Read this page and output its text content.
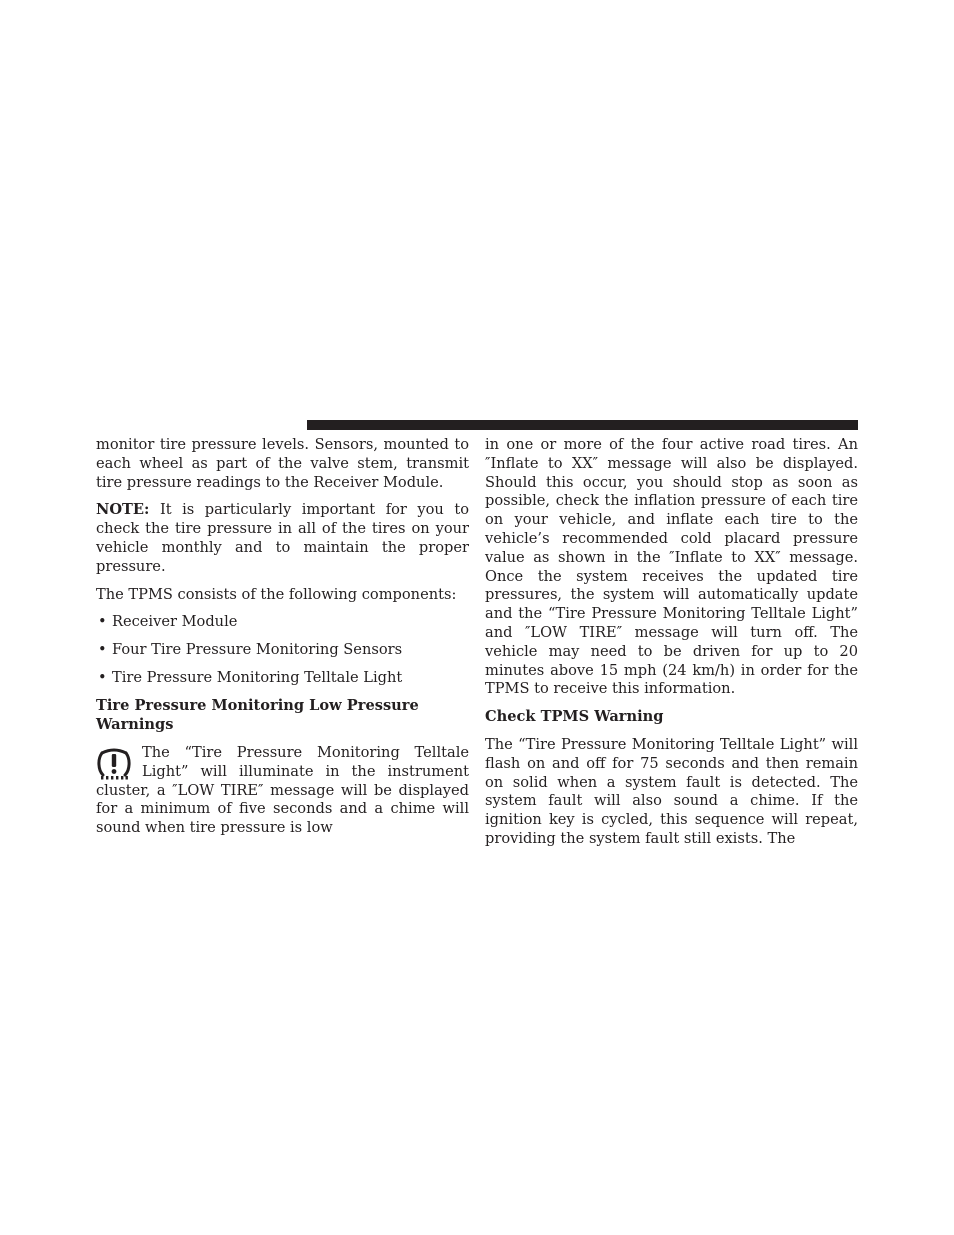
monitor tire pressure levels. Sensors, mounted to each wheel as part of the valve stem, transmit tire pressure readings to the Receiver Module.

NOTE: It is particularly important for you to check the tire pressure in all of the tires on your vehicle monthly and to maintain the proper pressure.

The TPMS consists of the following components:

• Receiver Module
• Four Tire Pressure Monitoring Sensors
• Tire Pressure Monitoring Telltale Light

Tire Pressure Monitoring Low Pressure Warnings

The “Tire Pressure Monitoring Telltale Light” will illuminate in the instrument cluster, a ″LOW TIRE″ message will be displayed for a minimum of five seconds and a chime will sound when tire pressure is low

in one or more of the four active road tires. An ″Inflate to XX″ message will also be displayed. Should this occur, you should stop as soon as possible, check the inflation pressure of each tire on your vehicle, and inflate each tire to the vehicle’s recommended cold placard pressure value as shown in the ″Inflate to XX″ message. Once the system receives the updated tire pressures, the system will automatically update and the “Tire Pressure Monitoring Telltale Light” and ″LOW TIRE″ message will turn off. The vehicle may need to be driven for up to 20 minutes above 15 mph (24 km/h) in order for the TPMS to receive this information.

Check TPMS Warning

The “Tire Pressure Monitoring Telltale Light” will flash on and off for 75 seconds and then remain on solid when a system fault is detected. The system fault will also sound a chime. If the ignition key is cycled, this sequence will repeat, providing the system fault still exists. The
